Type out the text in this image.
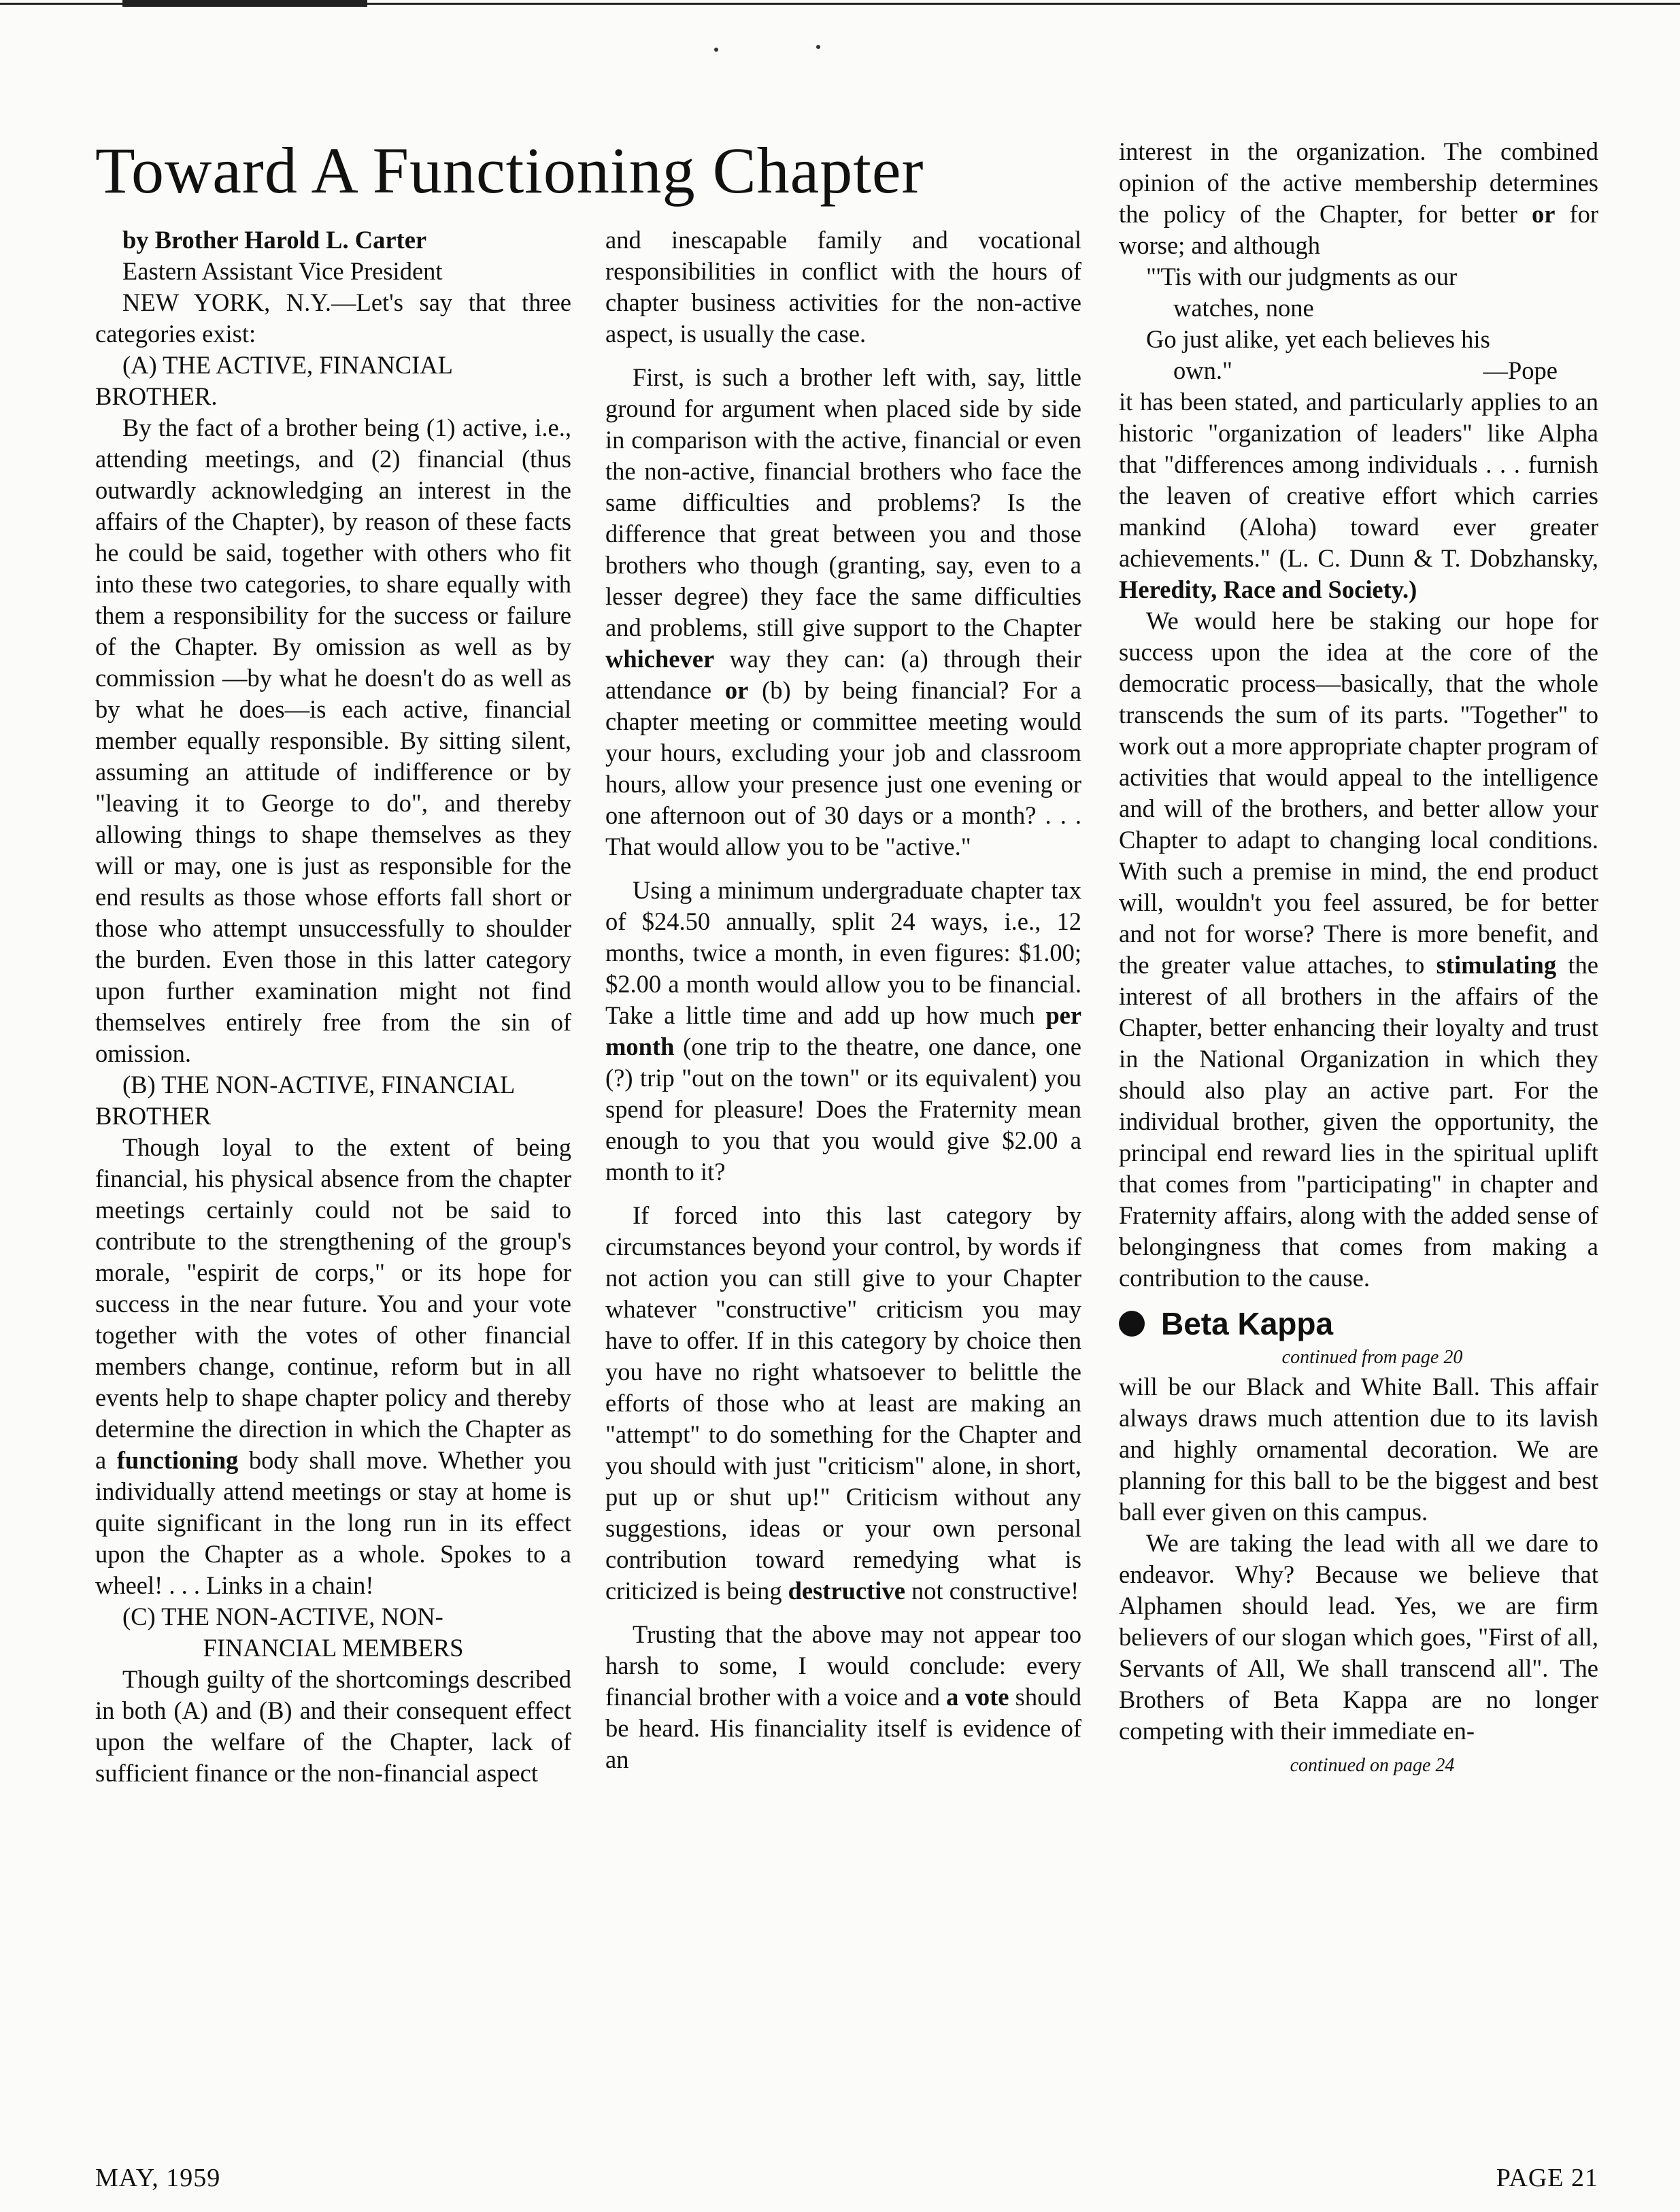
Toward A Functioning Chapter

by Brother Harold L. Carter

Eastern Assistant Vice President

NEW YORK, N.Y.—Let's say that three categories exist:

(A) THE ACTIVE, FINANCIAL BROTHER.

By the fact of a brother being (1) active, i.e., attending meetings, and (2) financial (thus outwardly acknowledging an interest in the affairs of the Chapter), by reason of these facts he could be said, together with others who fit into these two categories, to share equally with them a responsibility for the success or failure of the Chapter. By omission as well as by commission —by what he doesn't do as well as by what he does—is each active, financial member equally responsible. By sitting silent, assuming an attitude of indifference or by "leaving it to George to do", and thereby allowing things to shape themselves as they will or may, one is just as responsible for the end results as those whose efforts fall short or those who attempt unsuccessfully to shoulder the burden. Even those in this latter category upon further examination might not find themselves entirely free from the sin of omission.

(B) THE NON-ACTIVE, FINANCIAL BROTHER

Though loyal to the extent of being financial, his physical absence from the chapter meetings certainly could not be said to contribute to the strengthening of the group's morale, "espirit de corps," or its hope for success in the near future. You and your vote together with the votes of other financial members change, continue, reform but in all events help to shape chapter policy and thereby determine the direction in which the Chapter as a functioning body shall move. Whether you individually attend meetings or stay at home is quite significant in the long run in its effect upon the Chapter as a whole. Spokes to a wheel! . . . Links in a chain!

(C) THE NON-ACTIVE, NON-

FINANCIAL MEMBERS

Though guilty of the shortcomings described in both (A) and (B) and their consequent effect upon the welfare of the Chapter, lack of sufficient finance or the non-financial aspect

and inescapable family and vocational responsibilities in conflict with the hours of chapter business activities for the non-active aspect, is usually the case.

First, is such a brother left with, say, little ground for argument when placed side by side in comparison with the active, financial or even the non-active, financial brothers who face the same difficulties and problems? Is the difference that great between you and those brothers who though (granting, say, even to a lesser degree) they face the same difficulties and problems, still give support to the Chapter whichever way they can: (a) through their attendance or (b) by being financial? For a chapter meeting or committee meeting would your hours, excluding your job and classroom hours, allow your presence just one evening or one afternoon out of 30 days or a month? . . . That would allow you to be "active."

Using a minimum undergraduate chapter tax of $24.50 annually, split 24 ways, i.e., 12 months, twice a month, in even figures: $1.00; $2.00 a month would allow you to be financial. Take a little time and add up how much per month (one trip to the theatre, one dance, one (?) trip "out on the town" or its equivalent) you spend for pleasure! Does the Fraternity mean enough to you that you would give $2.00 a month to it?

If forced into this last category by circumstances beyond your control, by words if not action you can still give to your Chapter whatever "constructive" criticism you may have to offer. If in this category by choice then you have no right whatsoever to belittle the efforts of those who at least are making an "attempt" to do something for the Chapter and you should with just "criticism" alone, in short, put up or shut up!" Criticism without any suggestions, ideas or your own personal contribution toward remedying what is criticized is being destructive not constructive!

Trusting that the above may not appear too harsh to some, I would conclude: every financial brother with a voice and a vote should be heard. His financiality itself is evidence of an

interest in the organization. The combined opinion of the active membership determines the policy of the Chapter, for better or for worse; and although

"'Tis with our judgments as our

watches, none

Go just alike, yet each believes his

own."	—Pope

it has been stated, and particularly applies to an historic "organization of leaders" like Alpha that "differences among individuals . . . furnish the leaven of creative effort which carries mankind (Aloha) toward ever greater achievements." (L. C. Dunn & T. Dobzhansky, Heredity, Race and Society.)

We would here be staking our hope for success upon the idea at the core of the democratic process—basically, that the whole transcends the sum of its parts. "Together" to work out a more appropriate chapter program of activities that would appeal to the intelligence and will of the brothers, and better allow your Chapter to adapt to changing local conditions. With such a premise in mind, the end product will, wouldn't you feel assured, be for better and not for worse? There is more benefit, and the greater value attaches, to stimulating the interest of all brothers in the affairs of the Chapter, better enhancing their loyalty and trust in the National Organization in which they should also play an active part. For the individual brother, given the opportunity, the principal end reward lies in the spiritual uplift that comes from "participating" in chapter and Fraternity affairs, along with the added sense of belongingness that comes from making a contribution to the cause.

Beta Kappa

continued from page 20

will be our Black and White Ball. This affair always draws much attention due to its lavish and highly ornamental decoration. We are planning for this ball to be the biggest and best ball ever given on this campus.

We are taking the lead with all we dare to endeavor. Why? Because we believe that Alphamen should lead. Yes, we are firm believers of our slogan which goes, "First of all, Servants of All, We shall transcend all". The Brothers of Beta Kappa are no longer competing with their immediate en-

continued on page 24

MAY, 1959	PAGE 21
